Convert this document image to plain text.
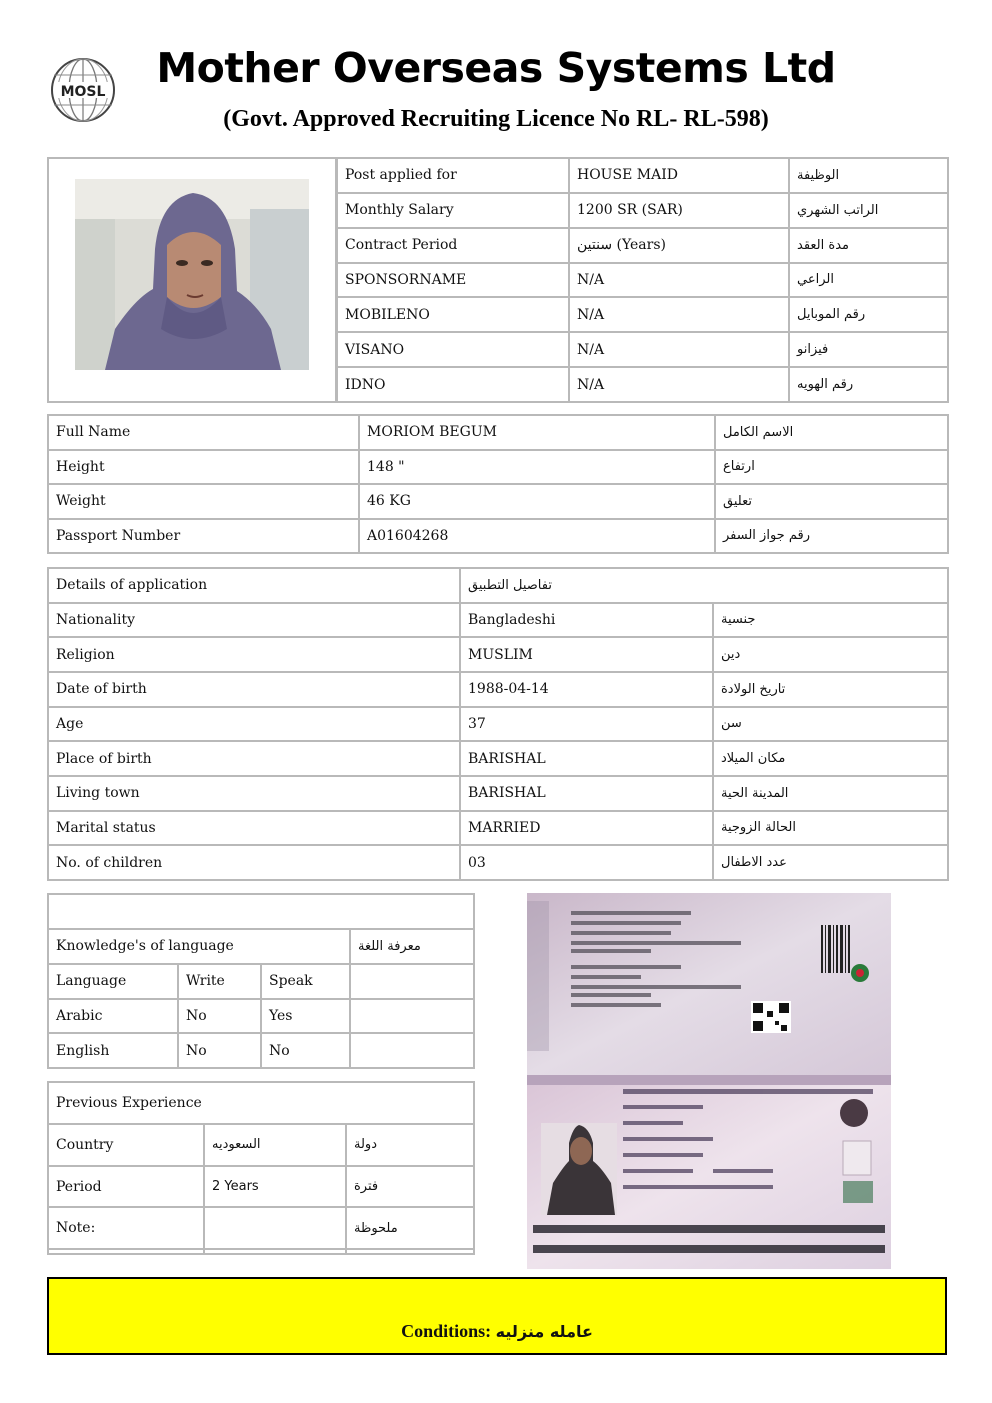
MOSL	Mother Overseas Systems Ltd
(Govt. Approved Recruiting Licence No RL- RL-598)
Post applied for	HOUSE MAID	الوظيفة
Monthly Salary	1200 SR (SAR)	الراتب الشهري
Contract Period	سنتين (Years)	مدة العقد
SPONSORNAME	N/A	الراعي
MOBILENO	N/A	رقم الموبايل
VISANO	N/A	فيزانو
IDNO	N/A	رقم الهويه
Full Name	MORIOM BEGUM	الاسم الكامل
Height	148 "	ارتفاع
Weight	46 KG	تعليق
Passport Number	A01604268	رقم جواز السفر
Details of application	تفاصيل التطبيق	
Nationality	Bangladeshi	جنسية
Religion	MUSLIM	دين
Date of birth	1988-04-14	تاريخ الولادة
Age	37	سن
Place of birth	BARISHAL	مكان الميلاد
Living town	BARISHAL	المدينة الحية
Marital status	MARRIED	الحالة الزوجية
No. of children	03	عدد الاطفال

Knowledge's of language			معرفة اللغة
Language	Write	Speak	
Arabic	No	Yes	
English	No	No	
Previous Experience		
Country	السعوديه	دولة
Period	2 Years	فترة
Note:		ملحوظة

Conditions: عامله منزليه
